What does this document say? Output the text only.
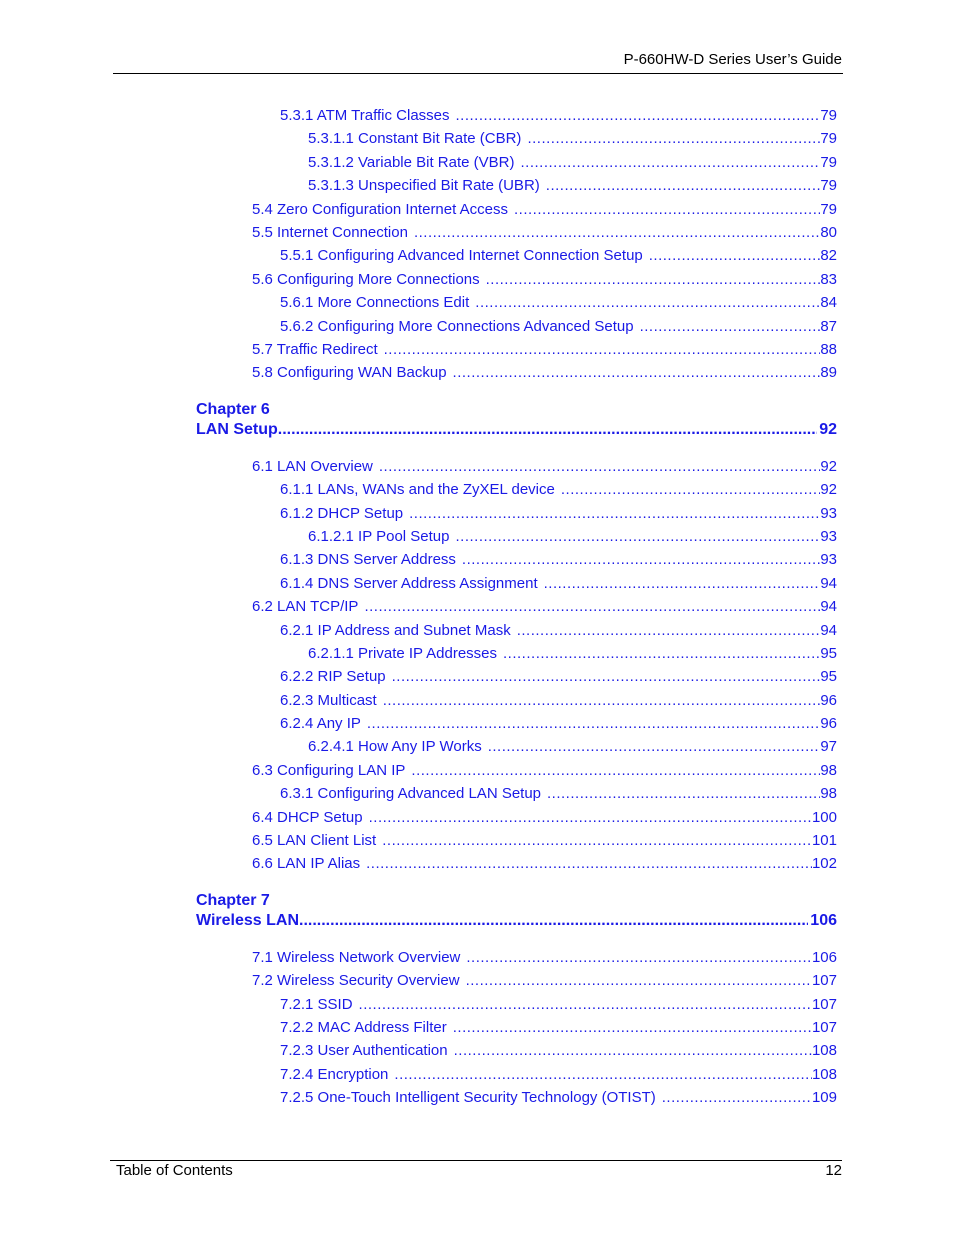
P-660HW-D Series User’s Guide
5.3.1 ATM Traffic Classes .....	79
5.3.1.1 Constant Bit Rate (CBR) .....	79
5.3.1.2 Variable Bit Rate (VBR) .....	79
5.3.1.3 Unspecified Bit Rate (UBR) .....	79
5.4 Zero Configuration Internet Access .....	79
5.5 Internet Connection .....	80
5.5.1 Configuring Advanced Internet Connection Setup .....	82
5.6 Configuring More Connections .....	83
5.6.1 More Connections Edit .....	84
5.6.2 Configuring More Connections Advanced Setup .....	87
5.7 Traffic Redirect .....	88
5.8 Configuring WAN Backup .....	89
Chapter 6
LAN Setup .....	92
6.1 LAN Overview .....	92
6.1.1 LANs, WANs and the ZyXEL device .....	92
6.1.2 DHCP Setup .....	93
6.1.2.1 IP Pool Setup .....	93
6.1.3 DNS Server Address .....	93
6.1.4 DNS Server Address Assignment .....	94
6.2 LAN TCP/IP .....	94
6.2.1 IP Address and Subnet Mask .....	94
6.2.1.1 Private IP Addresses .....	95
6.2.2 RIP Setup .....	95
6.2.3 Multicast .....	96
6.2.4 Any IP .....	96
6.2.4.1 How Any IP Works .....	97
6.3 Configuring LAN IP .....	98
6.3.1 Configuring Advanced LAN Setup .....	98
6.4 DHCP Setup .....	100
6.5 LAN Client List .....	101
6.6 LAN IP Alias .....	102
Chapter 7
Wireless LAN .....	106
7.1 Wireless Network Overview .....	106
7.2 Wireless Security Overview .....	107
7.2.1 SSID .....	107
7.2.2 MAC Address Filter .....	107
7.2.3 User Authentication .....	108
7.2.4 Encryption .....	108
7.2.5 One-Touch Intelligent Security Technology (OTIST) .....	109
Table of Contents	12
